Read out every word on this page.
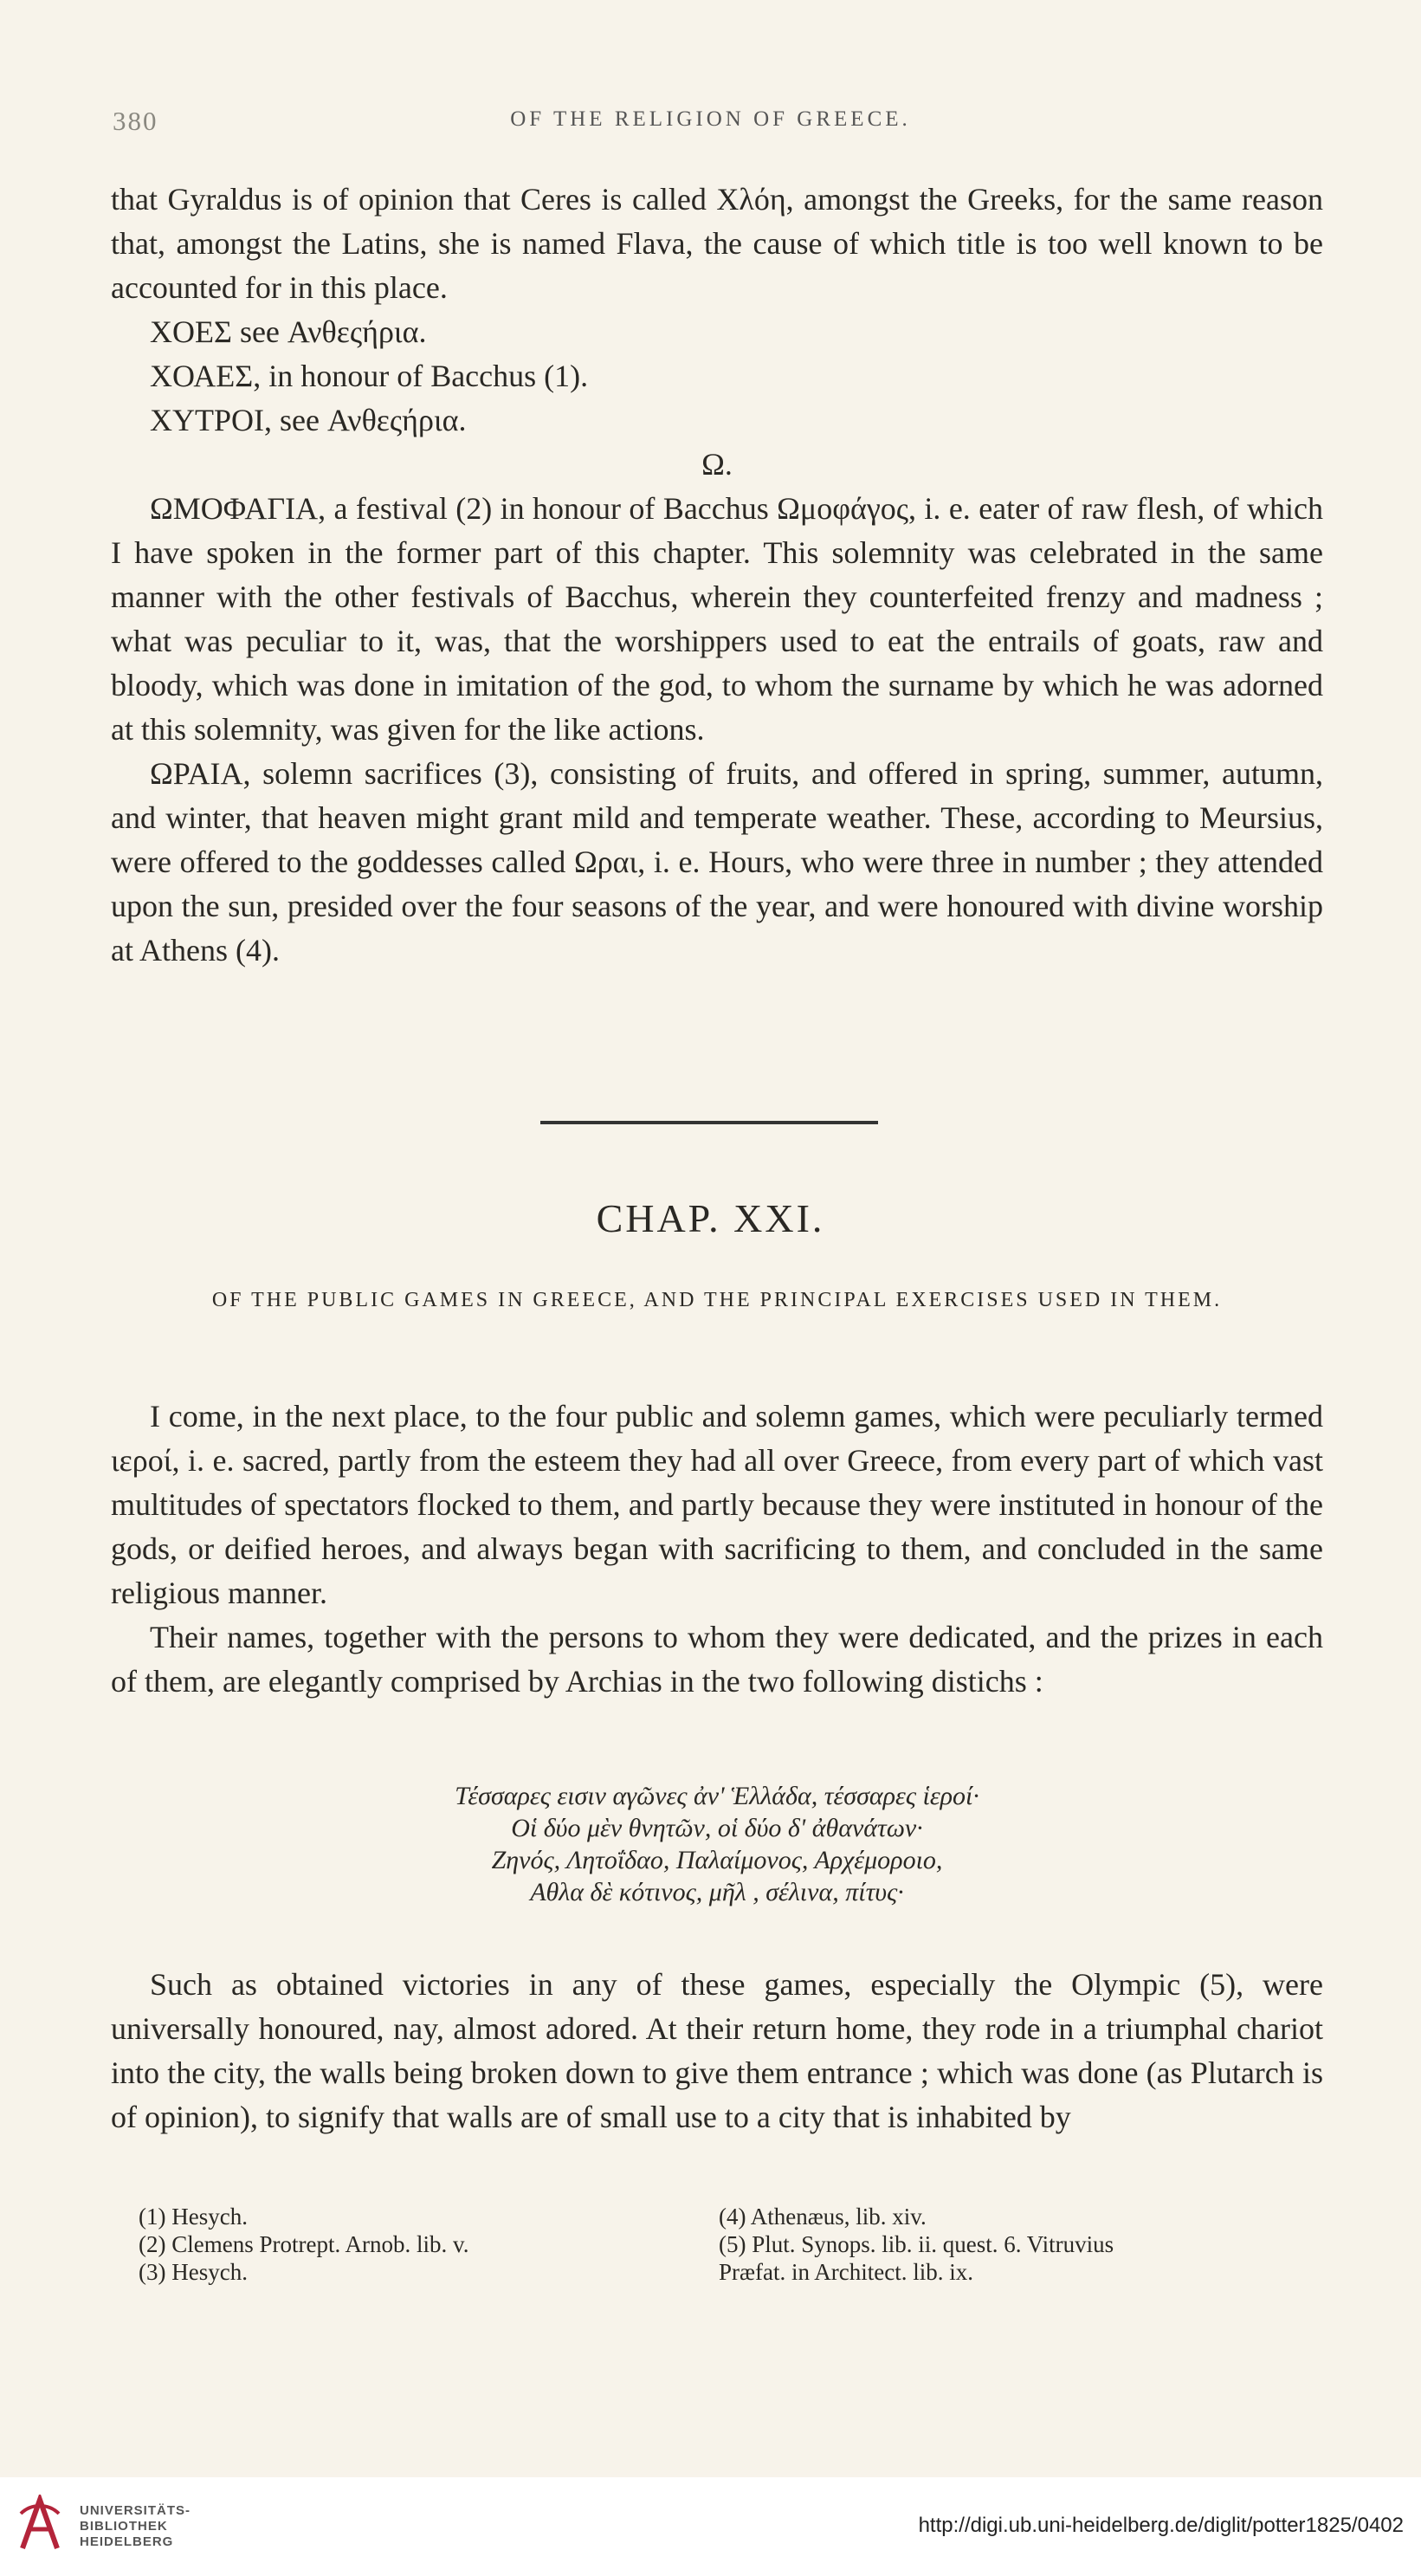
380	OF THE RELIGION OF GREECE.

that Gyraldus is of opinion that Ceres is called Χλόη, amongst the Greeks, for the same reason that, amongst the Latins, she is named Flava, the cause of which title is too well known to be accounted for in this place.

ΧΟΕΣ see Ανθεςήρια.

ΧΟΑΕΣ, in honour of Bacchus (1).

ΧΥΤΡΟΙ, see Ανθεςήρια.

Ω.

ΩΜΟΦΑΓΙΑ, a festival (2) in honour of Bacchus Ωμοφάγος, i. e. eater of raw flesh, of which I have spoken in the former part of this chapter. This solemnity was celebrated in the same manner with the other festivals of Bacchus, wherein they counterfeited frenzy and madness ; what was peculiar to it, was, that the worshippers used to eat the entrails of goats, raw and bloody, which was done in imitation of the god, to whom the surname by which he was adorned at this solemnity, was given for the like actions.

ΩΡΑΙΑ, solemn sacrifices (3), consisting of fruits, and offered in spring, summer, autumn, and winter, that heaven might grant mild and temperate weather. These, according to Meursius, were offered to the goddesses called Ωραι, i. e. Hours, who were three in number ; they attended upon the sun, presided over the four seasons of the year, and were honoured with divine worship at Athens (4).

CHAP. XXI.
OF THE PUBLIC GAMES IN GREECE, AND THE PRINCIPAL EXERCISES USED IN THEM.

I come, in the next place, to the four public and solemn games, which were peculiarly termed ιεροί, i. e. sacred, partly from the esteem they had all over Greece, from every part of which vast multitudes of spectators flocked to them, and partly because they were instituted in honour of the gods, or deified heroes, and always began with sacrificing to them, and concluded in the same religious manner.

Their names, together with the persons to whom they were dedicated, and the prizes in each of them, are elegantly comprised by Archias in the two following distichs :

Τέσσαρες εισιν αγῶνες ἀν' Ἑλλάδα, τέσσαρες ἱεροί·
Οἱ δύο μὲν θνητῶν, οἱ δύο δ' ἀθανάτων·
Ζηνός, Λητοΐδαο, Παλαίμονος, Αρχέμοροιο,
Αθλα δὲ κότινος, μῆλ , σέλινα, πίτυς·

Such as obtained victories in any of these games, especially the Olympic (5), were universally honoured, nay, almost adored. At their return home, they rode in a triumphal chariot into the city, the walls being broken down to give them entrance ; which was done (as Plutarch is of opinion), to signify that walls are of small use to a city that is inhabited by

(1) Hesych.
(2) Clemens Protrept. Arnob. lib. v.
(3) Hesych.
(4) Athenæus, lib. xiv.
(5) Plut. Synops. lib. ii. quest. 6. Vitruvius
Præfat. in Architect. lib. ix.
UNIVERSITÄTS-
BIBLIOTHEK
HEIDELBERG
http://digi.ub.uni-heidelberg.de/diglit/potter1825/0402
